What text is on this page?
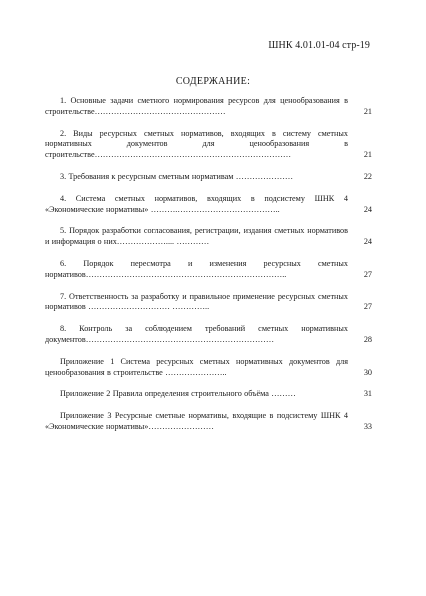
ШНК 4.01.01-04 стр-19
СОДЕРЖАНИЕ:
1. Основные задачи сметного нормирования ресурсов для ценообразования в строительстве…………………………………………	21
2. Виды ресурсных сметных нормативов, входящих в систему сметных нормативных документов для ценообразования в строительстве………………………………………………………………	21
3. Требования к ресурсным сметным нормативам …………………	22
4. Система сметных нормативов, входящих в подсистему ШНК 4 «Экономические нормативы» ……….………………………………..	24
5. Порядок разработки согласования, регистрации, издания сметных нормативов и информация о них……………….... …………	24
6. Порядок пересмотра и изменения ресурсных сметных нормативов………………………………………………………………..	27
7. Ответственность за разработку и правильное применение ресурсных сметных нормативов ………………………… …………..	27
8. Контроль за соблюдением требований сметных нормативных документов……………………………………………………………	28
Приложение 1 Система ресурсных сметных нормативных документов для ценообразования в строительстве …………………..	30
Приложение 2 Правила определения строительного объёма ………	31
Приложение 3 Ресурсные сметные нормативы, входящие в подсистему ШНК 4 «Экономические нормативы»……………………	33
